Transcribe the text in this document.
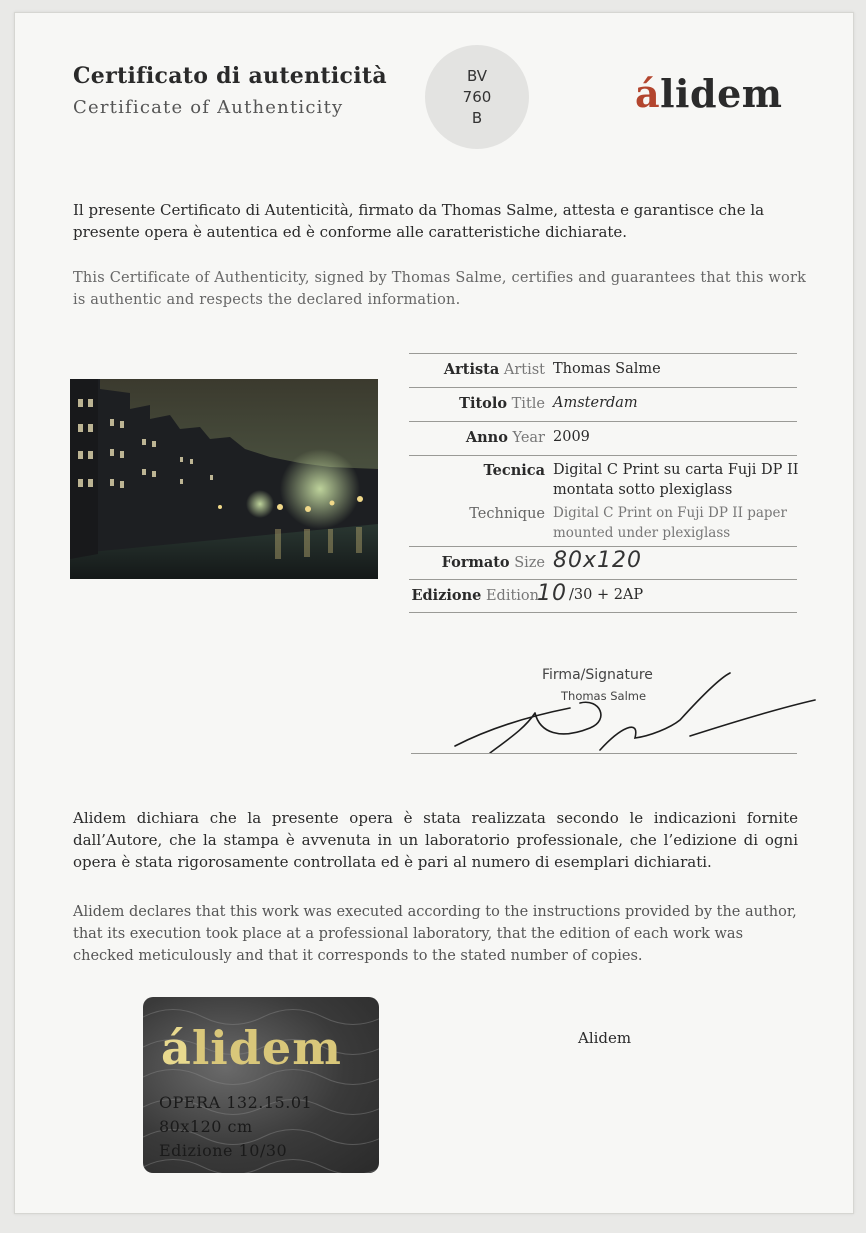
Certificato di autenticità
Certificate of Authenticity
BV
760
B
álidem
Il presente Certificato di Autenticità, firmato da Thomas Salme, attesta e garantisce che la presente opera è autentica ed è conforme alle caratteristiche dichiarate.
This Certificate of Authenticity, signed by Thomas Salme, certifies and guarantees that this work is authentic and respects the declared information.
Artista Artist Thomas Salme
Titolo Title Amsterdam
Anno Year 2009
Tecnica
Technique
Digital C Print su carta Fuji DP II
montata sotto plexiglass
Digital C Print on Fuji DP II paper
mounted under plexiglass
Formato Size 80x120
Edizione Edition
10 /30 + 2AP
Firma/Signature
Thomas Salme
Alidem dichiara che la presente opera è stata realizzata secondo le indicazioni fornite dall’Autore, che la stampa è avvenuta in un laboratorio professionale, che l’edizione di ogni opera è stata rigorosamente controllata ed è pari al numero di esemplari dichiarati.
Alidem declares that this work was executed according to the instructions provided by the author, that its execution took place at a professional laboratory, that the edition of each work was checked meticulously and that it corresponds to the stated number of copies.
álidem
OPERA 132.15.01
80x120 cm
Edizione 10/30
Alidem
